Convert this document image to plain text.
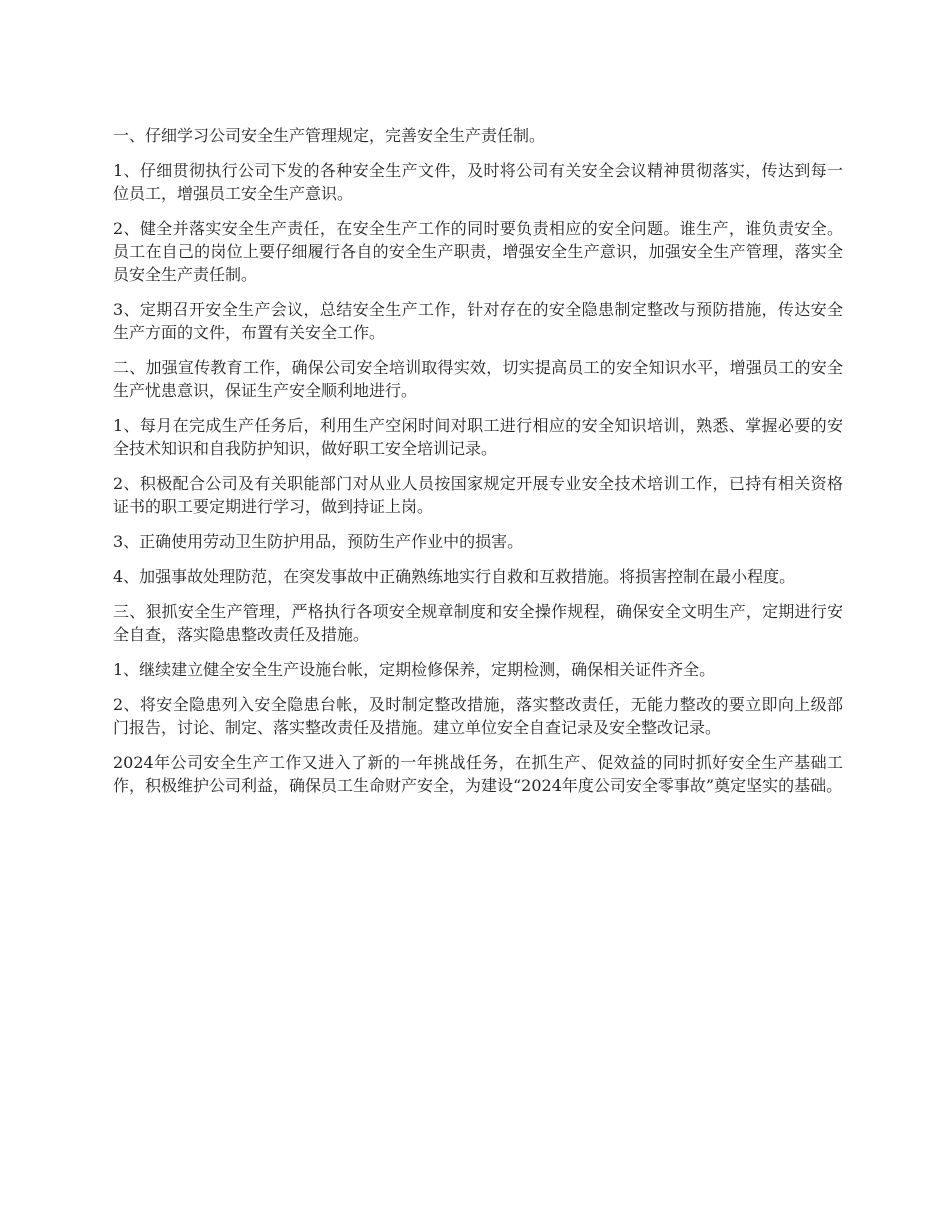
一、仔细学习公司安全生产管理规定，完善安全生产责任制。

1、仔细贯彻执行公司下发的各种安全生产文件，及时将公司有关安全会议精神贯彻落实，传达到每一位员工，增强员工安全生产意识。

2、健全并落实安全生产责任，在安全生产工作的同时要负责相应的安全问题。谁生产，谁负责安全。员工在自己的岗位上要仔细履行各自的安全生产职责，增强安全生产意识，加强安全生产管理，落实全员安全生产责任制。

3、定期召开安全生产会议，总结安全生产工作，针对存在的安全隐患制定整改与预防措施，传达安全生产方面的文件，布置有关安全工作。

二、加强宣传教育工作，确保公司安全培训取得实效，切实提高员工的安全知识水平，增强员工的安全生产忧患意识，保证生产安全顺利地进行。

1、每月在完成生产任务后，利用生产空闲时间对职工进行相应的安全知识培训，熟悉、掌握必要的安全技术知识和自我防护知识，做好职工安全培训记录。

2、积极配合公司及有关职能部门对从业人员按国家规定开展专业安全技术培训工作，已持有相关资格证书的职工要定期进行学习，做到持证上岗。

3、正确使用劳动卫生防护用品，预防生产作业中的损害。

4、加强事故处理防范，在突发事故中正确熟练地实行自救和互救措施。将损害控制在最小程度。

三、狠抓安全生产管理，严格执行各项安全规章制度和安全操作规程，确保安全文明生产，定期进行安全自查，落实隐患整改责任及措施。

1、继续建立健全安全生产设施台帐，定期检修保养，定期检测，确保相关证件齐全。

2、将安全隐患列入安全隐患台帐，及时制定整改措施，落实整改责任，无能力整改的要立即向上级部门报告，讨论、制定、落实整改责任及措施。建立单位安全自查记录及安全整改记录。

2024年公司安全生产工作又进入了新的一年挑战任务，在抓生产、促效益的同时抓好安全生产基础工作，积极维护公司利益，确保员工生命财产安全，为建设“2024年度公司安全零事故”奠定坚实的基础。
